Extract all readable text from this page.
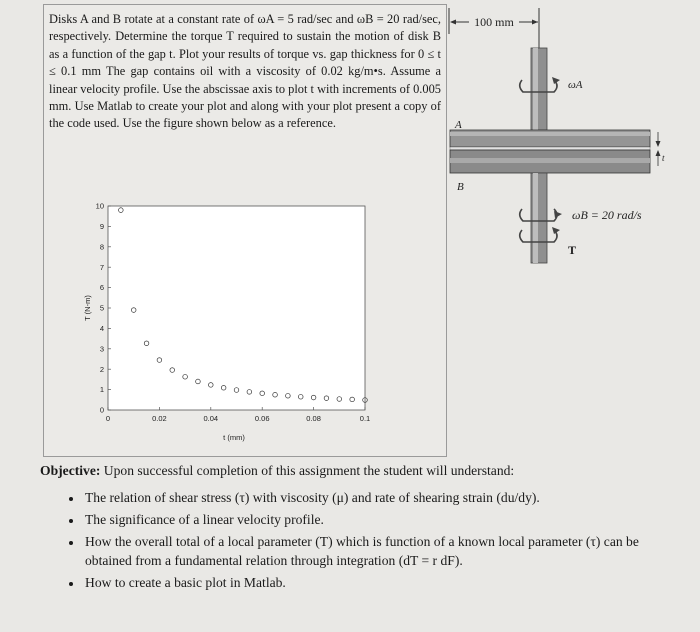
Disks A and B rotate at a constant rate of ωA = 5 rad/sec and ωB = 20 rad/sec, respectively. Determine the torque T required to sustain the motion of disk B as a function of the gap t. Plot your results of torque vs. gap thickness for 0 ≤ t ≤ 0.1 mm The gap contains oil with a viscosity of 0.02 kg/m•s. Assume a linear velocity profile. Use the abscissae axis to plot t with increments of 0.005 mm. Use Matlab to create your plot and along with your plot present a copy of the code used. Use the figure shown below as a reference.

0
1
2
3
4
5
6
7
8
9
10
0	0.02	0.04	0.06	0.08	0.1
t (mm)
T (N-m)
100 mm
ωA
A
B
t
ωB = 20 rad/s
T

Objective: Upon successful completion of this assignment the student will understand:

• The relation of shear stress (τ) with viscosity (μ) and rate of shearing strain (du/dy).
• The significance of a linear velocity profile.
• How the overall total of a local parameter (T) which is function of a known local parameter (τ) can be obtained from a fundamental relation through integration (dT = r dF).
• How to create a basic plot in Matlab.
